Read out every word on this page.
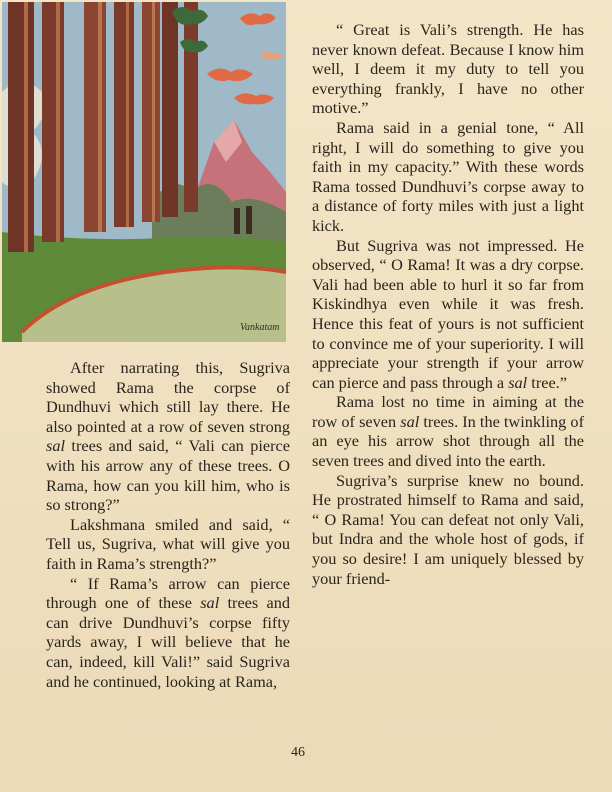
Vankatam

After narrating this, Sugriva showed Rama the corpse of Dundhuvi which still lay there. He also pointed at a row of seven strong sal trees and said, “ Vali can pierce with his arrow any of these trees. O Rama, how can you kill him, who is so strong?”

Lakshmana smiled and said, “ Tell us, Sugriva, what will give you faith in Rama’s strength?”

“ If Rama’s arrow can pierce through one of these sal trees and can drive Dundhuvi’s corpse fifty yards away, I will believe that he can, indeed, kill Vali!” said Sugriva and he continued, looking at Rama,

“ Great is Vali’s strength. He has never known defeat. Because I know him well, I deem it my duty to tell you everything frankly, I have no other motive.”

Rama said in a genial tone, “ All right, I will do something to give you faith in my capacity.” With these words Rama tossed Dundhuvi’s corpse away to a distance of forty miles with just a light kick.

But Sugriva was not impressed. He observed, “ O Rama! It was a dry corpse. Vali had been able to hurl it so far from Kiskindhya even while it was fresh. Hence this feat of yours is not sufficient to convince me of your superiority. I will appreciate your strength if your arrow can pierce and pass through a sal tree.”

Rama lost no time in aiming at the row of seven sal trees. In the twinkling of an eye his arrow shot through all the seven trees and dived into the earth.

Sugriva’s surprise knew no bound. He prostrated himself to Rama and said, “ O Rama! You can defeat not only Vali, but Indra and the whole host of gods, if you so desire! I am uniquely blessed by your friend-

46
